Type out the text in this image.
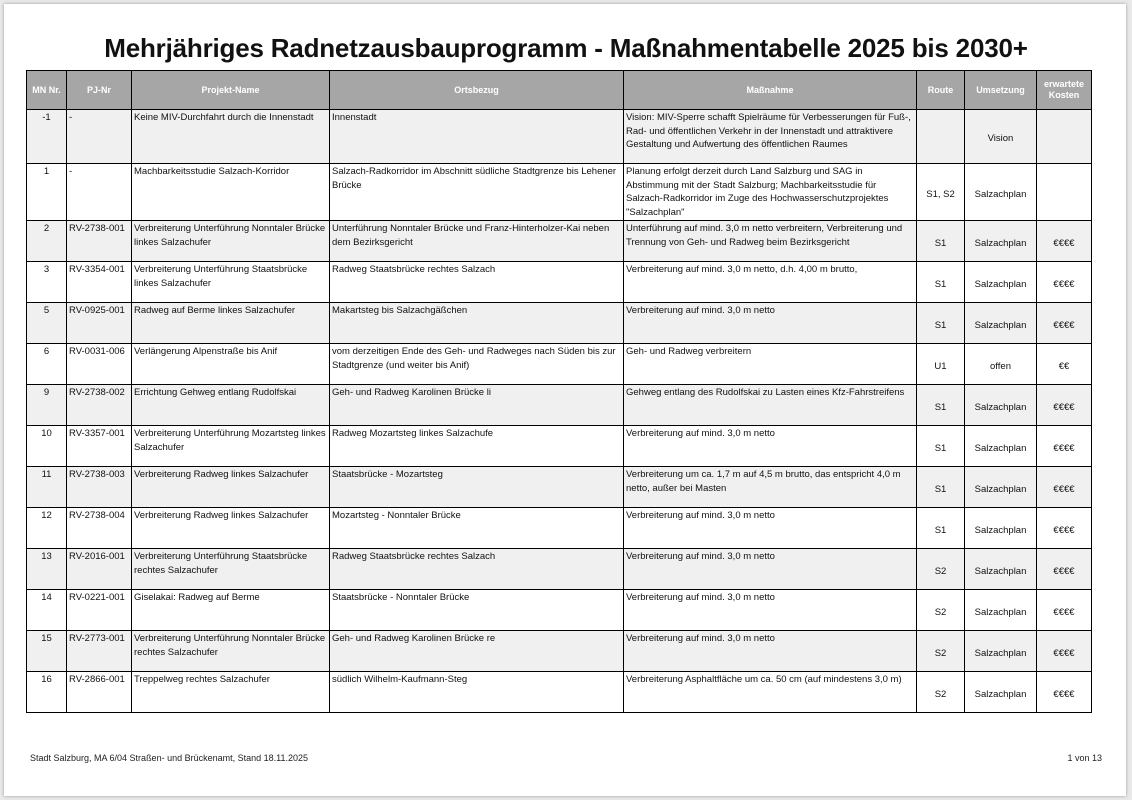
Mehrjähriges Radnetzausbauprogramm - Maßnahmentabelle 2025 bis 2030+
MN Nr.	PJ-Nr	Projekt-Name	Ortsbezug	Maßnahme	Route	Umsetzung	erwartete
Kosten
-1	-	Keine MIV-Durchfahrt durch die Innenstadt	Innenstadt	Vision: MIV-Sperre schafft Spielräume für Verbesserungen für Fuß-, Rad- und öffentlichen Verkehr in der Innenstadt und attraktivere Gestaltung und Aufwertung des öffentlichen Raumes		Vision	
1	-	Machbarkeitsstudie Salzach-Korridor	Salzach-Radkorridor im Abschnitt südliche Stadtgrenze bis Lehener Brücke	Planung erfolgt derzeit durch Land Salzburg und SAG in Abstimmung mit der Stadt Salzburg; Machbarkeitsstudie für Salzach-Radkorridor im Zuge des Hochwasserschutzprojektes "Salzachplan"	S1, S2	Salzachplan	
2	RV-2738-001	Verbreiterung Unterführung Nonntaler Brücke linkes Salzachufer	Unterführung Nonntaler Brücke und Franz-Hinterholzer-Kai neben dem Bezirksgericht	Unterführung auf mind. 3,0 m netto verbreitern, Verbreiterung und Trennung von Geh- und Radweg beim Bezirksgericht	S1	Salzachplan	€€€€
3	RV-3354-001	Verbreiterung Unterführung Staatsbrücke linkes Salzachufer	Radweg Staatsbrücke rechtes Salzach	Verbreiterung auf mind. 3,0 m netto, d.h. 4,00 m brutto,	S1	Salzachplan	€€€€
5	RV-0925-001	Radweg auf Berme linkes Salzachufer	Makartsteg bis Salzachgäßchen	Verbreiterung auf mind. 3,0 m netto	S1	Salzachplan	€€€€
6	RV-0031-006	Verlängerung Alpenstraße bis Anif	vom derzeitigen Ende des Geh- und Radweges nach Süden bis zur Stadtgrenze (und weiter bis Anif)	Geh- und Radweg verbreitern	U1	offen	€€
9	RV-2738-002	Errichtung Gehweg entlang Rudolfskai	Geh- und Radweg Karolinen Brücke li	Gehweg entlang des Rudolfskai zu Lasten eines Kfz-Fahrstreifens	S1	Salzachplan	€€€€
10	RV-3357-001	Verbreiterung Unterführung Mozartsteg linkes Salzachufer	Radweg Mozartsteg linkes Salzachufe	Verbreiterung auf mind. 3,0 m netto	S1	Salzachplan	€€€€
11	RV-2738-003	Verbreiterung Radweg linkes Salzachufer	Staatsbrücke - Mozartsteg	Verbreiterung um ca. 1,7 m auf 4,5 m brutto, das entspricht 4,0 m netto, außer bei Masten	S1	Salzachplan	€€€€
12	RV-2738-004	Verbreiterung Radweg linkes Salzachufer	Mozartsteg - Nonntaler Brücke	Verbreiterung auf mind. 3,0 m netto	S1	Salzachplan	€€€€
13	RV-2016-001	Verbreiterung Unterführung Staatsbrücke rechtes Salzachufer	Radweg Staatsbrücke rechtes Salzach	Verbreiterung auf mind. 3,0 m netto	S2	Salzachplan	€€€€
14	RV-0221-001	Giselakai: Radweg auf Berme	Staatsbrücke - Nonntaler Brücke	Verbreiterung auf mind. 3,0 m netto	S2	Salzachplan	€€€€
15	RV-2773-001	Verbreiterung Unterführung Nonntaler Brücke rechtes Salzachufer	Geh- und Radweg Karolinen Brücke re	Verbreiterung auf mind. 3,0 m netto	S2	Salzachplan	€€€€
16	RV-2866-001	Treppelweg rechtes Salzachufer	südlich Wilhelm-Kaufmann-Steg	Verbreiterung Asphaltfläche um ca. 50 cm (auf mindestens 3,0 m)	S2	Salzachplan	€€€€
Stadt Salzburg, MA 6/04 Straßen- und Brückenamt, Stand 18.11.2025	1 von 13
